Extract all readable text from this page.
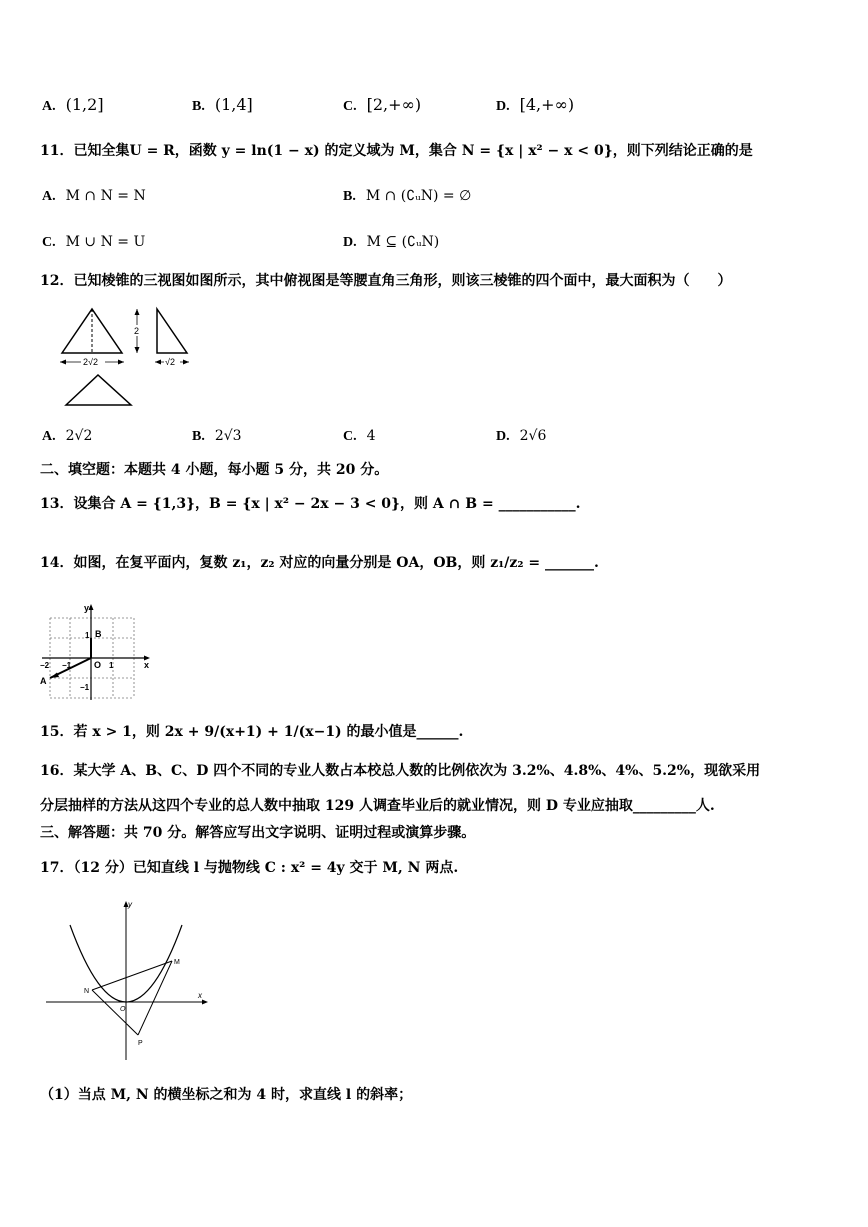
A. (1,2]	B. (1,4]	C. [2,+∞)	D. [4,+∞)
11．已知全集U = R，函数 y = ln(1 − x) 的定义域为 M，集合 N = {x | x² − x < 0}，则下列结论正确的是
A. M ∩ N = N	B. M ∩ (∁ᵤN) = ∅
C. M ∪ N = U	D. M ⊆ (∁ᵤN)
12．已知棱锥的三视图如图所示，其中俯视图是等腰直角三角形，则该三棱锥的四个面中，最大面积为（　　）
2√2
2
√2
A. 2√2	B. 2√3	C. 4	D. 2√6
二、填空题：本题共 4 小题，每小题 5 分，共 20 分。
13．设集合 A = {1,3}，B = {x | x² − 2x − 3 < 0}，则 A ∩ B = ___________.
14．如图，在复平面内，复数 z₁，z₂ 对应的向量分别是 OA，OB，则 z₁/z₂ = _______.
y
x
B
A
O 1
−1
−2
1
−1
15．若 x > 1，则 2x + 9/(x+1) + 1/(x−1) 的最小值是______.
16．某大学 A、B、C、D 四个不同的专业人数占本校总人数的比例依次为 3.2%、4.8%、4%、5.2%，现欲采用
分层抽样的方法从这四个专业的总人数中抽取 129 人调查毕业后的就业情况，则 D 专业应抽取_________人.
三、解答题：共 70 分。解答应写出文字说明、证明过程或演算步骤。
17．（12 分）已知直线 l 与抛物线 C : x² = 4y 交于 M, N 两点.
y
x
M
N
O
P
（1）当点 M, N 的横坐标之和为 4 时，求直线 l 的斜率；
